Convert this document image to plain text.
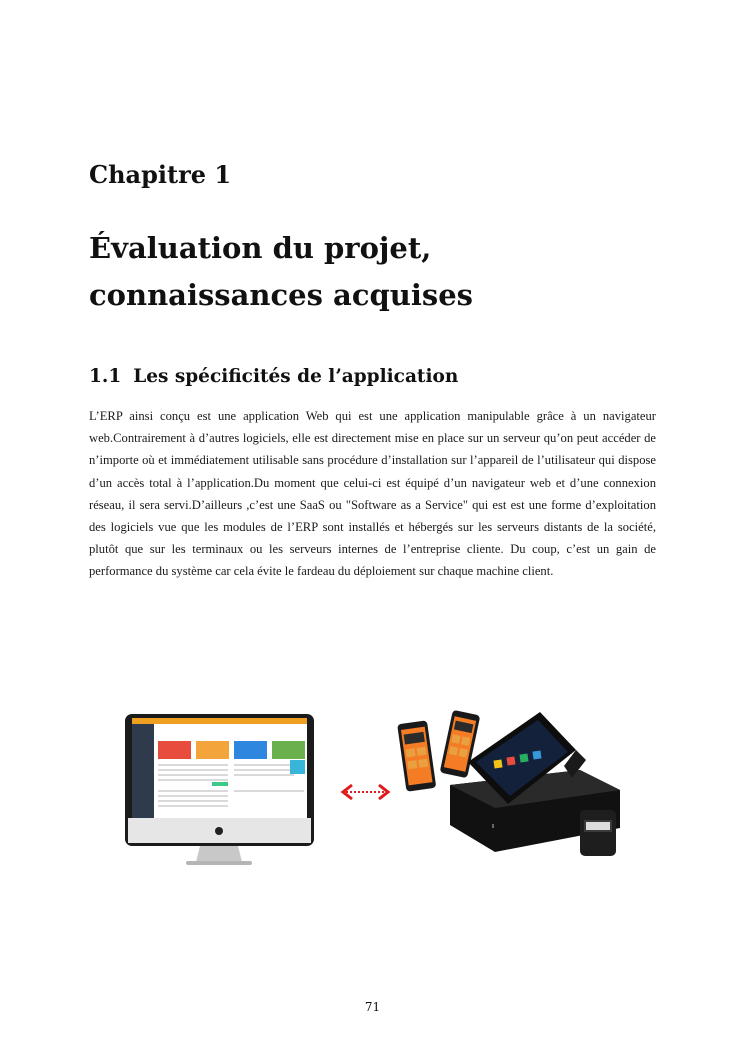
Chapitre 1
Évaluation du projet, connaissances acquises
1.1 Les spécificités de l’application

L’ERP ainsi conçu est une application Web qui est une application manipulable grâce à un navigateur web.Contrairement à d’autres logiciels, elle est directement mise en place sur un serveur qu’on peut accéder de n’importe où et immédiatement utilisable sans procédure d’installation sur l’appareil de l’utilisateur qui dispose d’un accès total à l’application.Du moment que celui-ci est équipé d’un navigateur web et d’une connexion réseau, il sera servi.D’ailleurs ,c’est une SaaS ou "Software as a Service" qui est est une forme d’exploitation des logiciels vue que les modules de l’ERP sont installés et hébergés sur les serveurs distants de la société, plutôt que sur les terminaux ou les serveurs internes de l’entreprise cliente. Du coup, c’est un gain de performance du système car cela évite le fardeau du déploiement sur chaque machine client.

71
